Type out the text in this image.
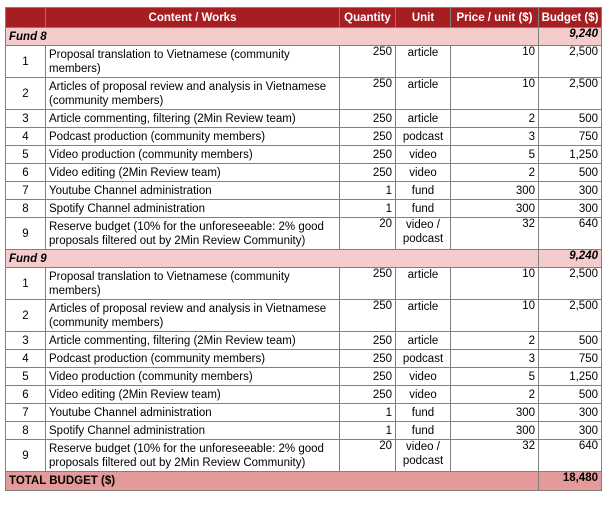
	Content / Works	Quantity	Unit	Price / unit ($)	Budget ($)
Fund 8					9,240
1	Proposal translation to Vietnamese (community members)	250	article	10	2,500
2	Articles of proposal review and analysis in Vietnamese (community members)	250	article	10	2,500
3	Article commenting, filtering (2Min Review team)	250	article	2	500
4	Podcast production (community members)	250	podcast	3	750
5	Video production (community members)	250	video	5	1,250
6	Video editing (2Min Review team)	250	video	2	500
7	Youtube Channel administration	1	fund	300	300
8	Spotify Channel administration	1	fund	300	300
9	Reserve budget (10% for the unforeseeable: 2% good proposals filtered out by 2Min Review Community)	20	video / podcast	32	640
Fund 9					9,240
1	Proposal translation to Vietnamese (community members)	250	article	10	2,500
2	Articles of proposal review and analysis in Vietnamese (community members)	250	article	10	2,500
3	Article commenting, filtering (2Min Review team)	250	article	2	500
4	Podcast production (community members)	250	podcast	3	750
5	Video production (community members)	250	video	5	1,250
6	Video editing (2Min Review team)	250	video	2	500
7	Youtube Channel administration	1	fund	300	300
8	Spotify Channel administration	1	fund	300	300
9	Reserve budget (10% for the unforeseeable: 2% good proposals filtered out by 2Min Review Community)	20	video / podcast	32	640
TOTAL BUDGET ($)					18,480
